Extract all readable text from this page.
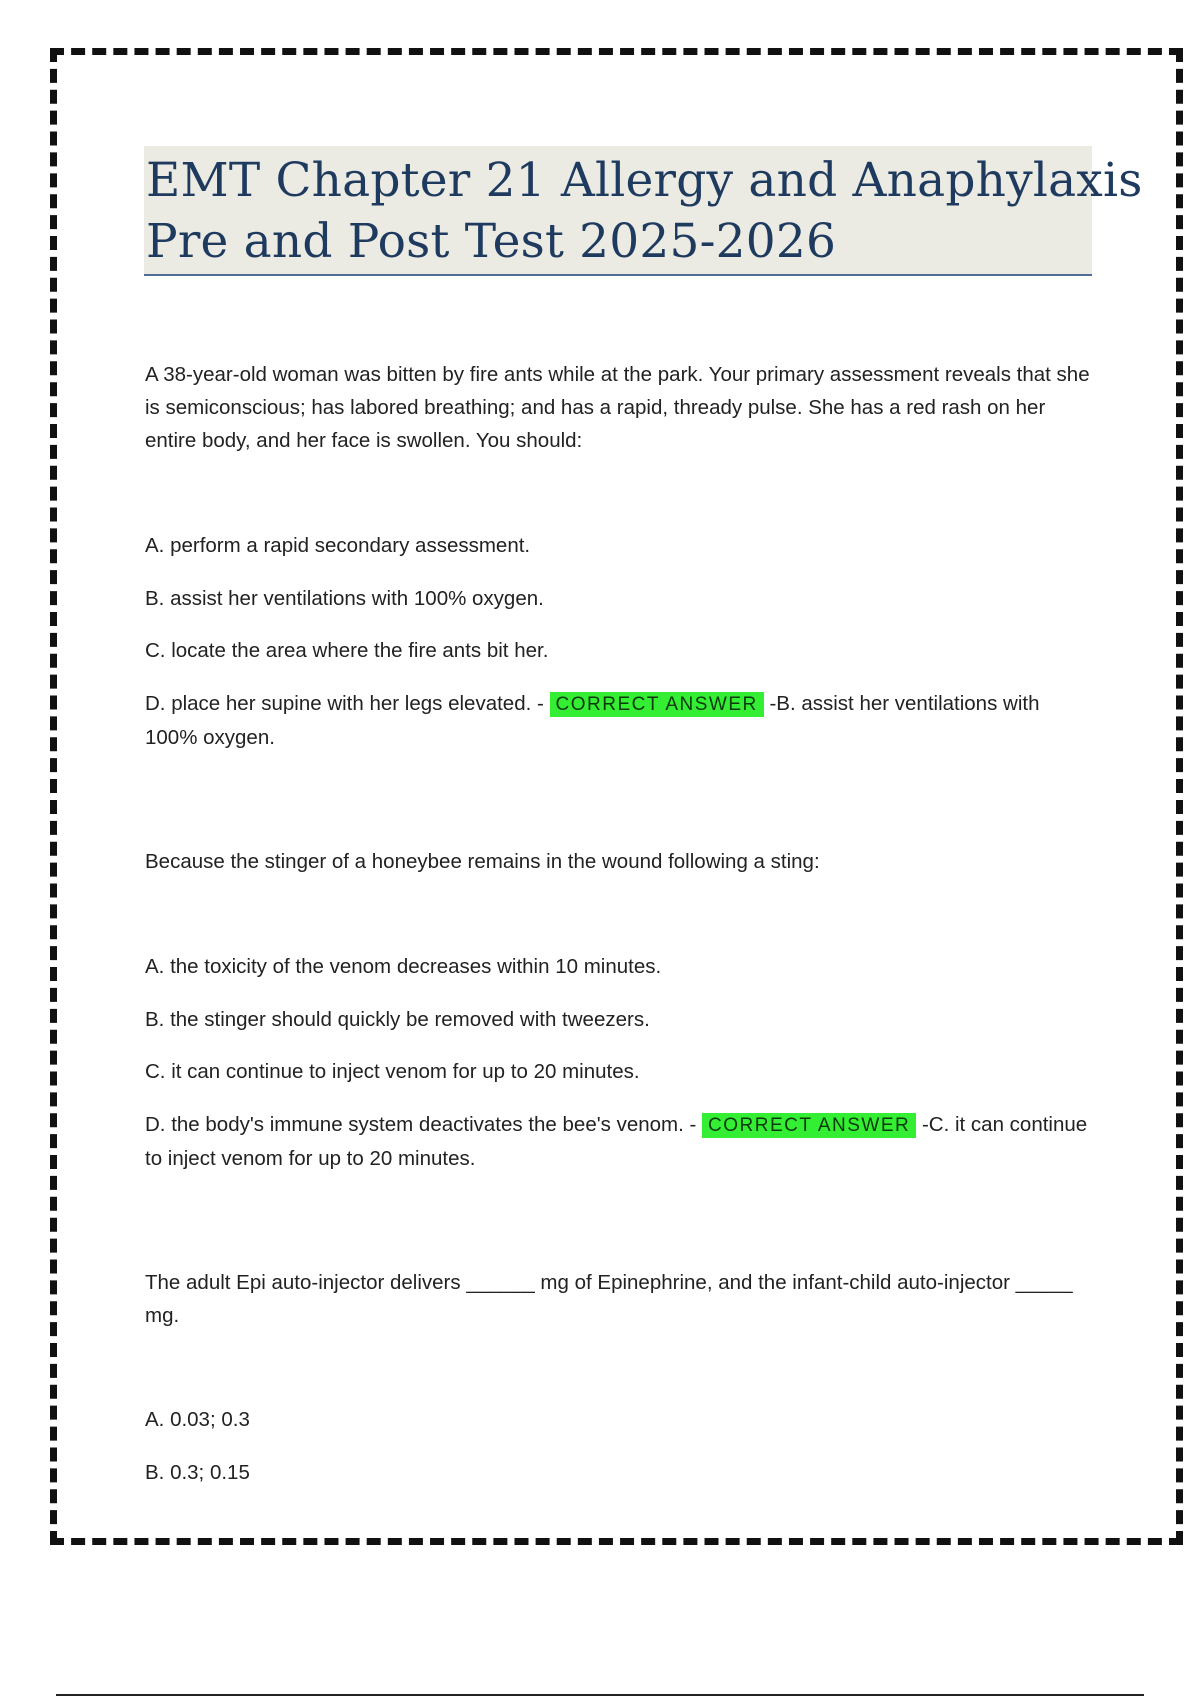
EMT Chapter 21 Allergy and Anaphylaxis
Pre and Post Test 2025-2026

A 38-year-old woman was bitten by fire ants while at the park. Your primary assessment reveals that she is semiconscious; has labored breathing; and has a rapid, thready pulse. She has a red rash on her entire body, and her face is swollen. You should:

A. perform a rapid secondary assessment.

B. assist her ventilations with 100% oxygen.

C. locate the area where the fire ants bit her.

D. place her supine with her legs elevated. - CORRECT ANSWER -B. assist her ventilations with 100% oxygen.

Because the stinger of a honeybee remains in the wound following a sting:

A. the toxicity of the venom decreases within 10 minutes.

B. the stinger should quickly be removed with tweezers.

C. it can continue to inject venom for up to 20 minutes.

D. the body's immune system deactivates the bee's venom. - CORRECT ANSWER -C. it can continue to inject venom for up to 20 minutes.

The adult Epi auto-injector delivers ______ mg of Epinephrine, and the infant-child auto-injector _____ mg.

A. 0.03; 0.3

B. 0.3; 0.15
